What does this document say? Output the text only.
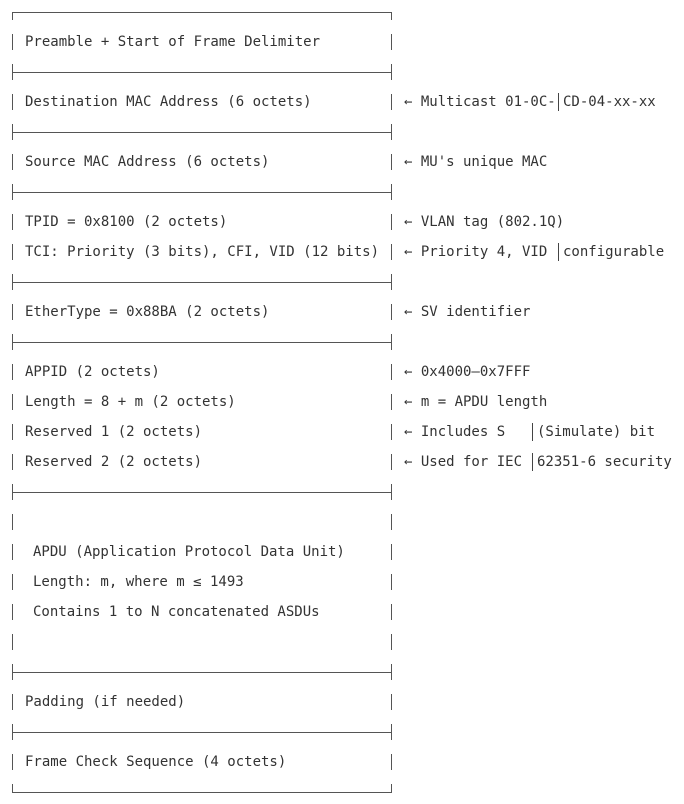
Preamble + Start of Frame Delimiter
Destination MAC Address (6 octets)	← Multicast 01-0C- CD-04-xx-xx
Source MAC Address (6 octets)	← MU's unique MAC
TPID = 0x8100 (2 octets)	← VLAN tag (802.1Q)
TCI: Priority (3 bits), CFI, VID (12 bits) ← Priority 4, VID configurable
EtherType = 0x88BA (2 octets)	← SV identifier
APPID (2 octets)	← 0x4000–0x7FFF
Length = 8 + m (2 octets)	← m = APDU length
Reserved 1 (2 octets)	← Includes S (Simulate) bit
Reserved 2 (2 octets)	← Used for IEC 62351-6 security
APDU (Application Protocol Data Unit)
Length: m, where m ≤ 1493
Contains 1 to N concatenated ASDUs
Padding (if needed)
Frame Check Sequence (4 octets)
